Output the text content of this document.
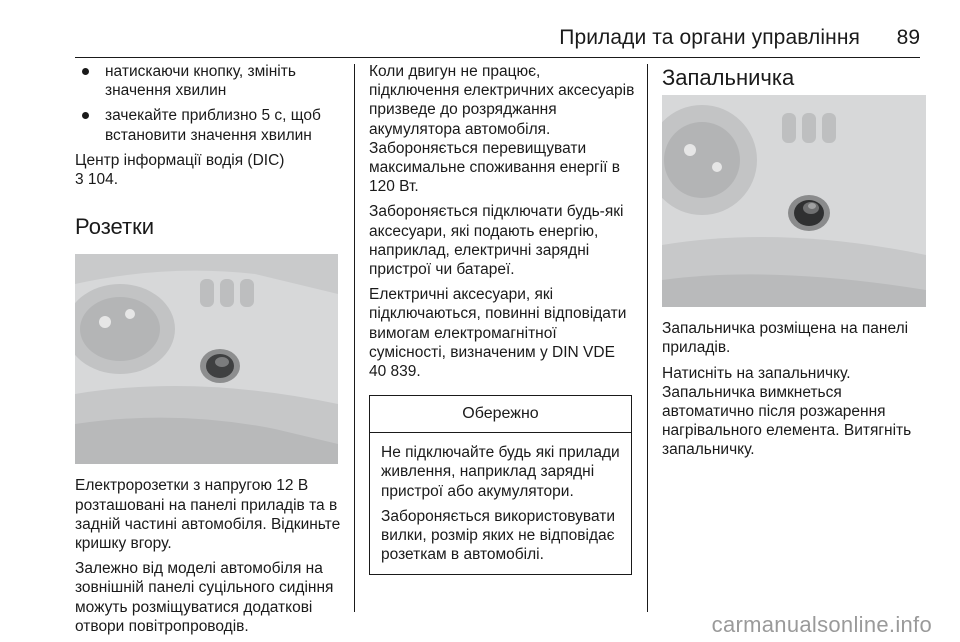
Прилади та органи управління 89
натискаючи кнопку, змініть значення хвилин
зачекайте приблизно 5 с, щоб встановити значення хвилин

Центр інформації водія (DIC)

3 104.

Розетки

Електророзетки з напругою 12 В розташовані на панелі приладів та в задній частині автомобіля. Відкиньте кришку вгору.

Залежно від моделі автомобіля на зовнішній панелі суцільного сидіння можуть розміщуватися додаткові отвори повітропроводів.

Коли двигун не працює, підключення електричних аксесуарів призведе до розряджання акумулятора автомобіля. Забороняється перевищувати максимальне споживання енергії в 120 Вт.

Забороняється підключати будь-які аксесуари, які подають енергію, наприклад, електричні зарядні пристрої чи батареї.

Електричні аксесуари, які підключаються, повинні відповідати вимогам електромагнітної сумісності, визначеним у DIN VDE 40 839.

Обережно

Не підключайте будь які прилади живлення, наприклад зарядні пристрої або акумулятори.

Забороняється використовувати вилки, розмір яких не відповідає розеткам в автомобілі.

Запальничка

Запальничка розміщена на панелі приладів.

Натисніть на запальничку. Запальничка вимкнеться автоматично після розжарення нагрівального елемента. Витягніть запальничку.

carmanualsonline.info
